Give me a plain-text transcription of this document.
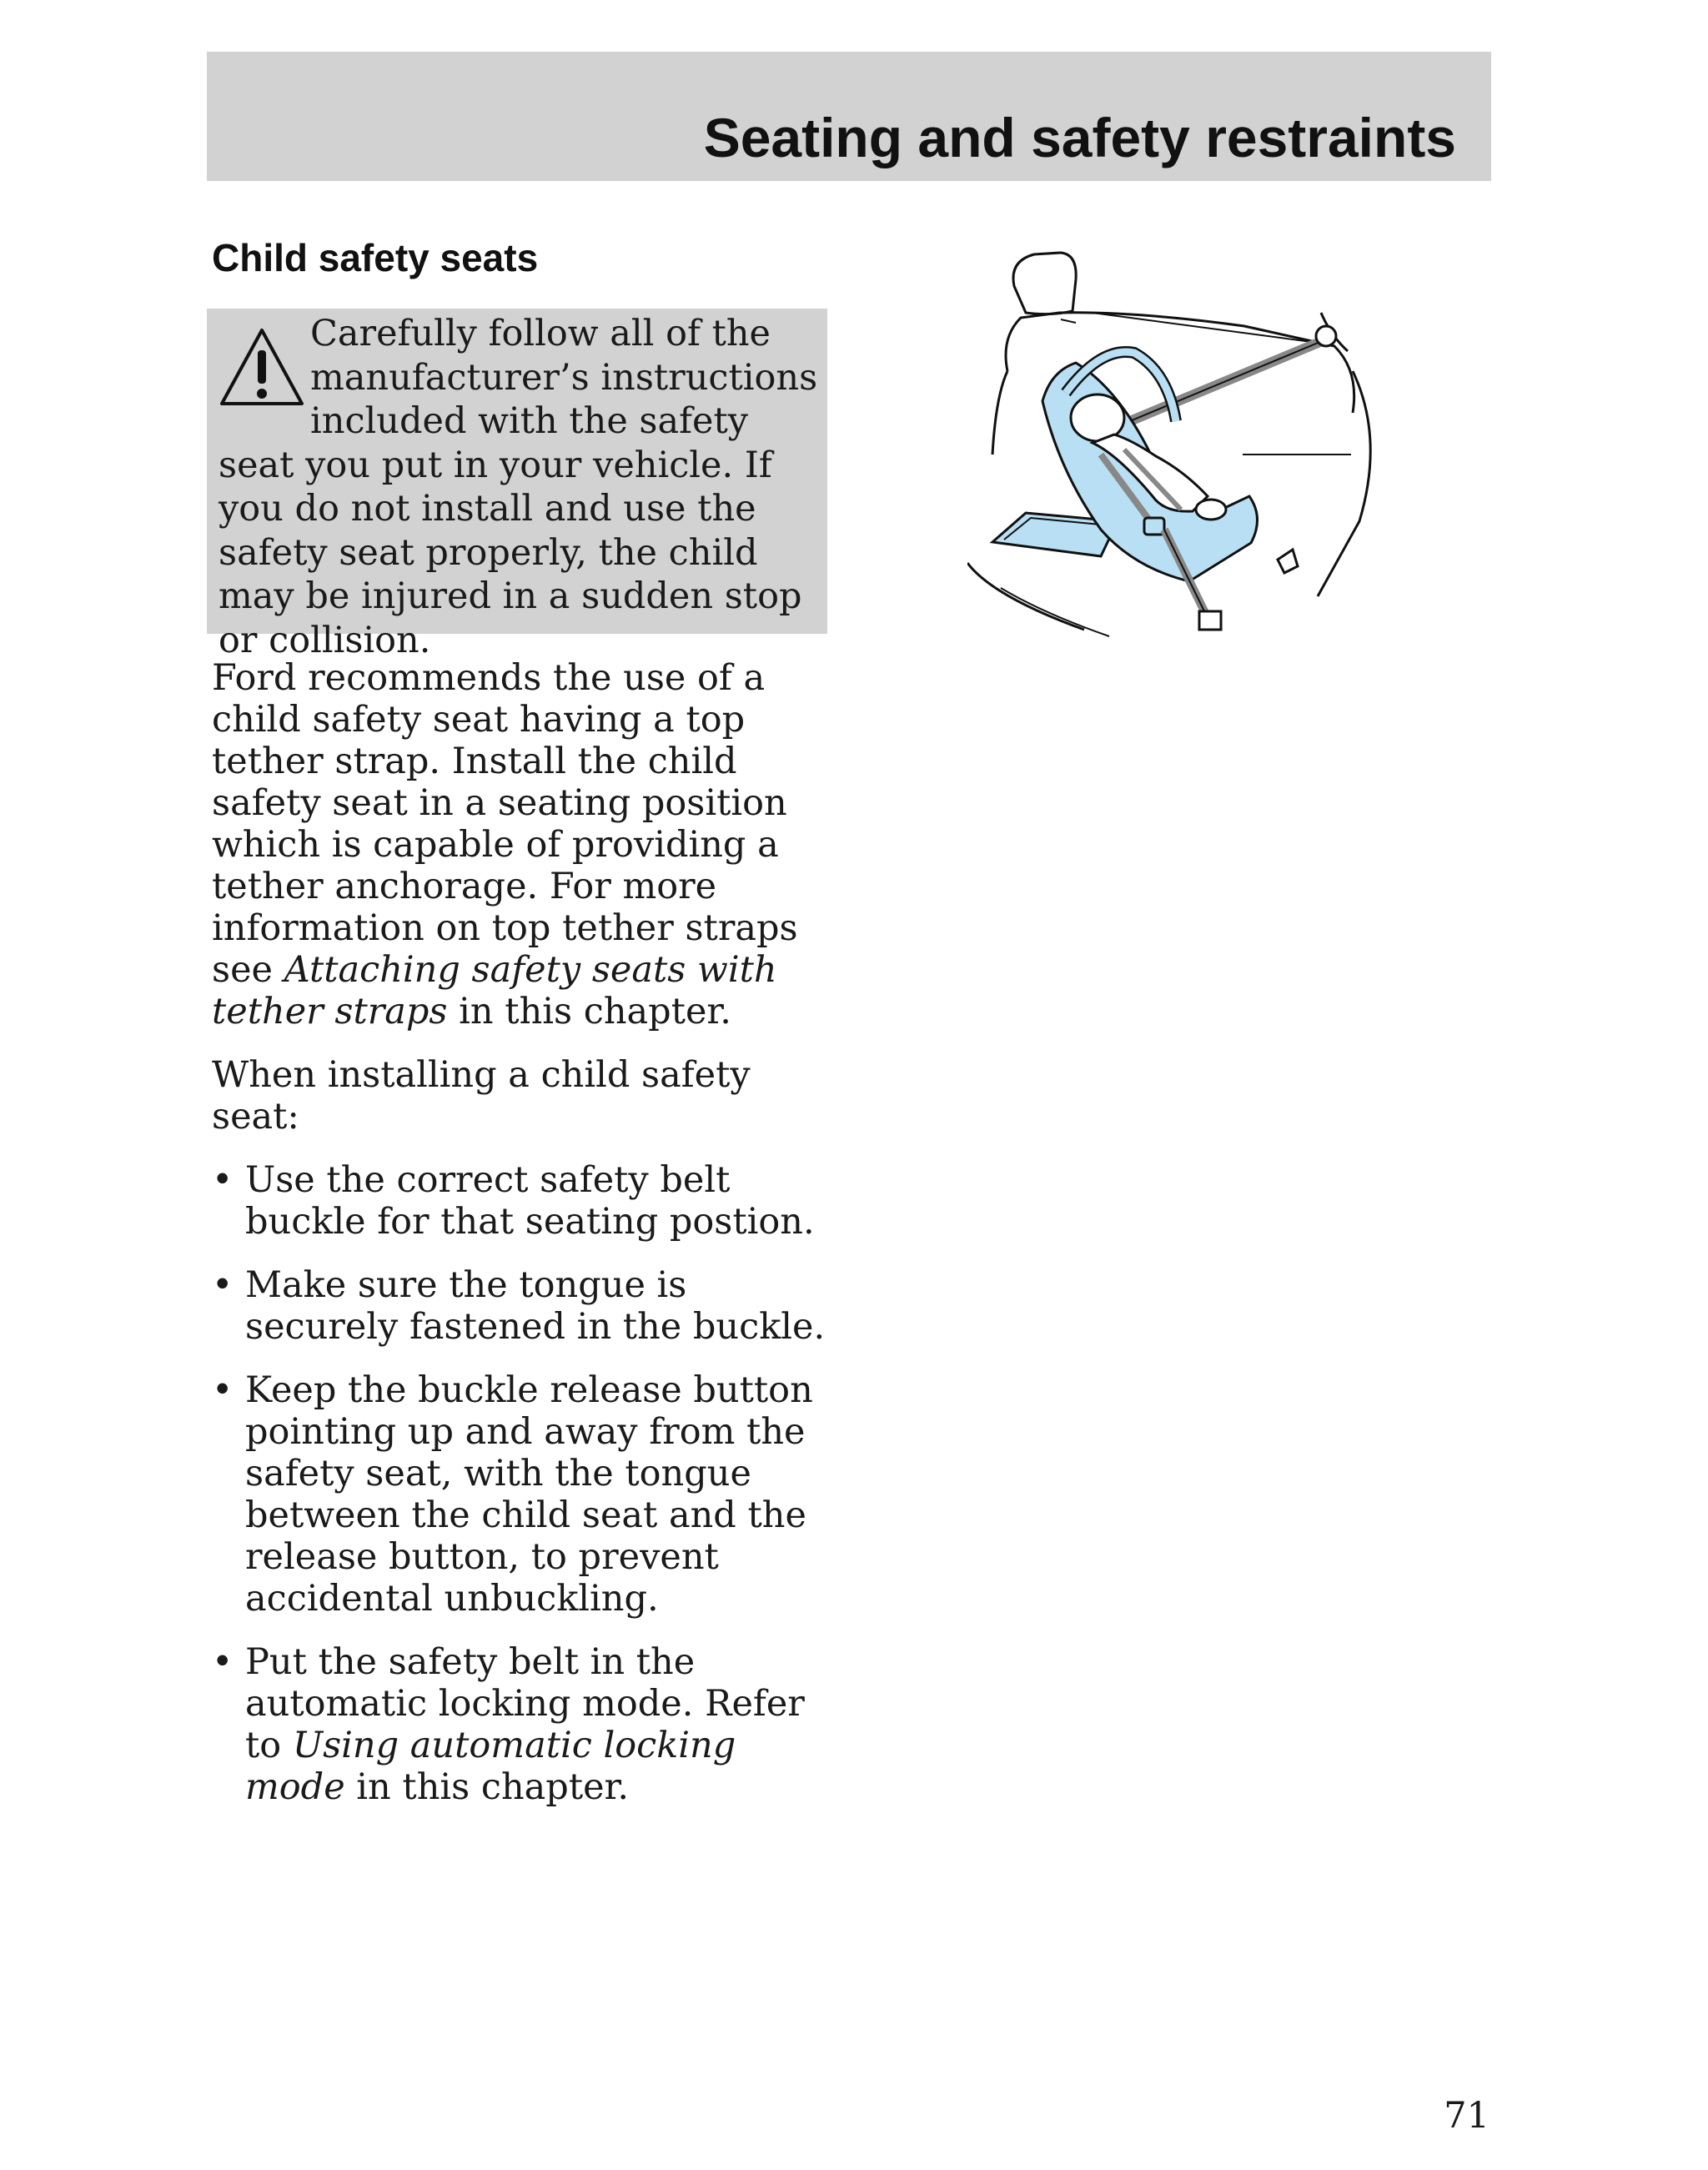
Seating and safety restraints
Child safety seats

Carefully follow all of the manufacturer’s instructions included with the safety seat you put in your vehicle. If you do not install and use the safety seat properly, the child may be injured in a sudden stop or collision.

Ford recommends the use of a child safety seat having a top tether strap. Install the child safety seat in a seating position which is capable of providing a tether anchorage. For more information on top tether straps see Attaching safety seats with tether straps in this chapter.

When installing a child safety seat:

• Use the correct safety belt buckle for that seating postion.
• Make sure the tongue is securely fastened in the buckle.
• Keep the buckle release button pointing up and away from the safety seat, with the tongue between the child seat and the release button, to prevent accidental unbuckling.
• Put the safety belt in the automatic locking mode. Refer to Using automatic locking mode in this chapter.

71
